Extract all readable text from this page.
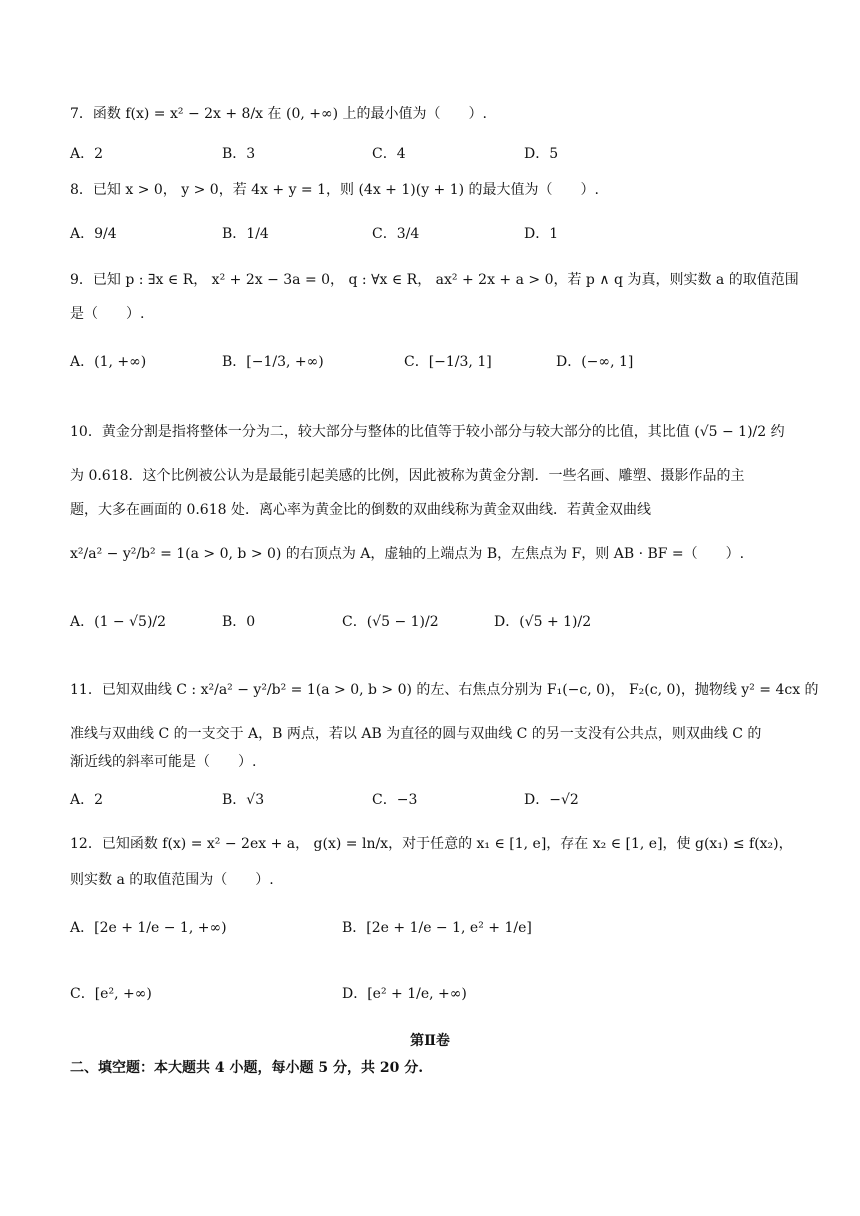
7．函数 f(x) = x² − 2x + 8/x 在 (0, +∞) 上的最小值为（　　）.
A．2	B．3	C．4	D．5
8．已知 x > 0， y > 0，若 4x + y = 1，则 (4x + 1)(y + 1) 的最大值为（　　）.
A．9/4	B．1/4	C．3/4	D．1
9．已知 p : ∃x ∈ R， x² + 2x − 3a = 0， q : ∀x ∈ R， ax² + 2x + a > 0，若 p ∧ q 为真，则实数 a 的取值范围
是（　　）.
A．(1, +∞)	B．[−1/3, +∞)	C．[−1/3, 1]	D．(−∞, 1]
10．黄金分割是指将整体一分为二，较大部分与整体的比值等于较小部分与较大部分的比值，其比值 (√5 − 1)/2 约
为 0.618．这个比例被公认为是最能引起美感的比例，因此被称为黄金分割．一些名画、雕塑、摄影作品的主
题，大多在画面的 0.618 处．离心率为黄金比的倒数的双曲线称为黄金双曲线．若黄金双曲线
x²/a² − y²/b² = 1(a > 0, b > 0) 的右顶点为 A，虚轴的上端点为 B，左焦点为 F，则 AB · BF =（　　）.
A．(1 − √5)/2	B．0	C．(√5 − 1)/2	D．(√5 + 1)/2
11．已知双曲线 C : x²/a² − y²/b² = 1(a > 0, b > 0) 的左、右焦点分别为 F₁(−c, 0)， F₂(c, 0)，抛物线 y² = 4cx 的
准线与双曲线 C 的一支交于 A，B 两点，若以 AB 为直径的圆与双曲线 C 的另一支没有公共点，则双曲线 C 的
渐近线的斜率可能是（　　）.
A．2	B．√3	C．−3	D．−√2
12．已知函数 f(x) = x² − 2ex + a， g(x) = ln/x，对于任意的 x₁ ∈ [1, e]，存在 x₂ ∈ [1, e]，使 g(x₁) ≤ f(x₂)，
则实数 a 的取值范围为（　　）.
A．[2e + 1/e − 1, +∞)	B．[2e + 1/e − 1, e² + 1/e]
C．[e², +∞)	D．[e² + 1/e, +∞)
第Ⅱ卷
二、填空题：本大题共 4 小题，每小题 5 分，共 20 分.
